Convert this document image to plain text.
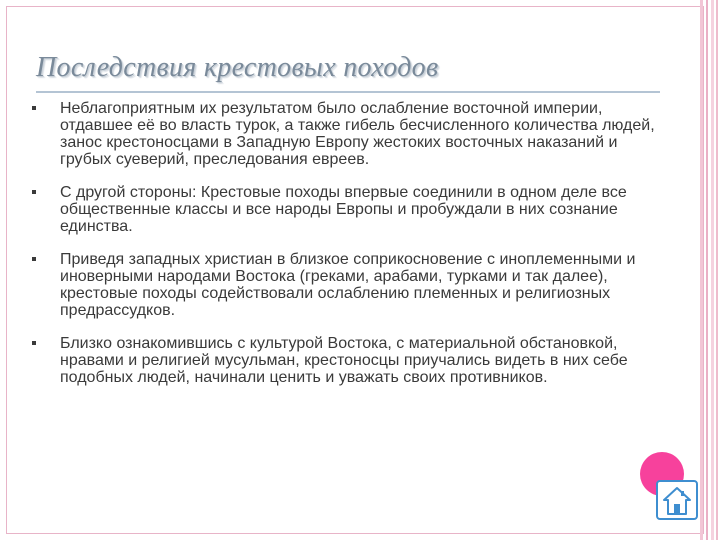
Последствия крестовых походов
Неблагоприятным их результатом было ослабление восточной империи, отдавшее её во власть турок, а также гибель бесчисленного количества людей, занос крестоносцами в Западную Европу жестоких восточных наказаний и грубых суеверий, преследования евреев.
С другой стороны: Крестовые походы впервые соединили в одном деле все общественные классы и все народы Европы и пробуждали в них сознание единства.
Приведя западных христиан в близкое соприкосновение с иноплеменными и иноверными народами Востока (греками, арабами, турками и так далее), крестовые походы содействовали ослаблению племенных и религиозных предрассудков.
Близко ознакомившись с культурой Востока, с материальной обстановкой, нравами и религией мусульман, крестоносцы приучались видеть в них себе подобных людей, начинали ценить и уважать своих противников.
